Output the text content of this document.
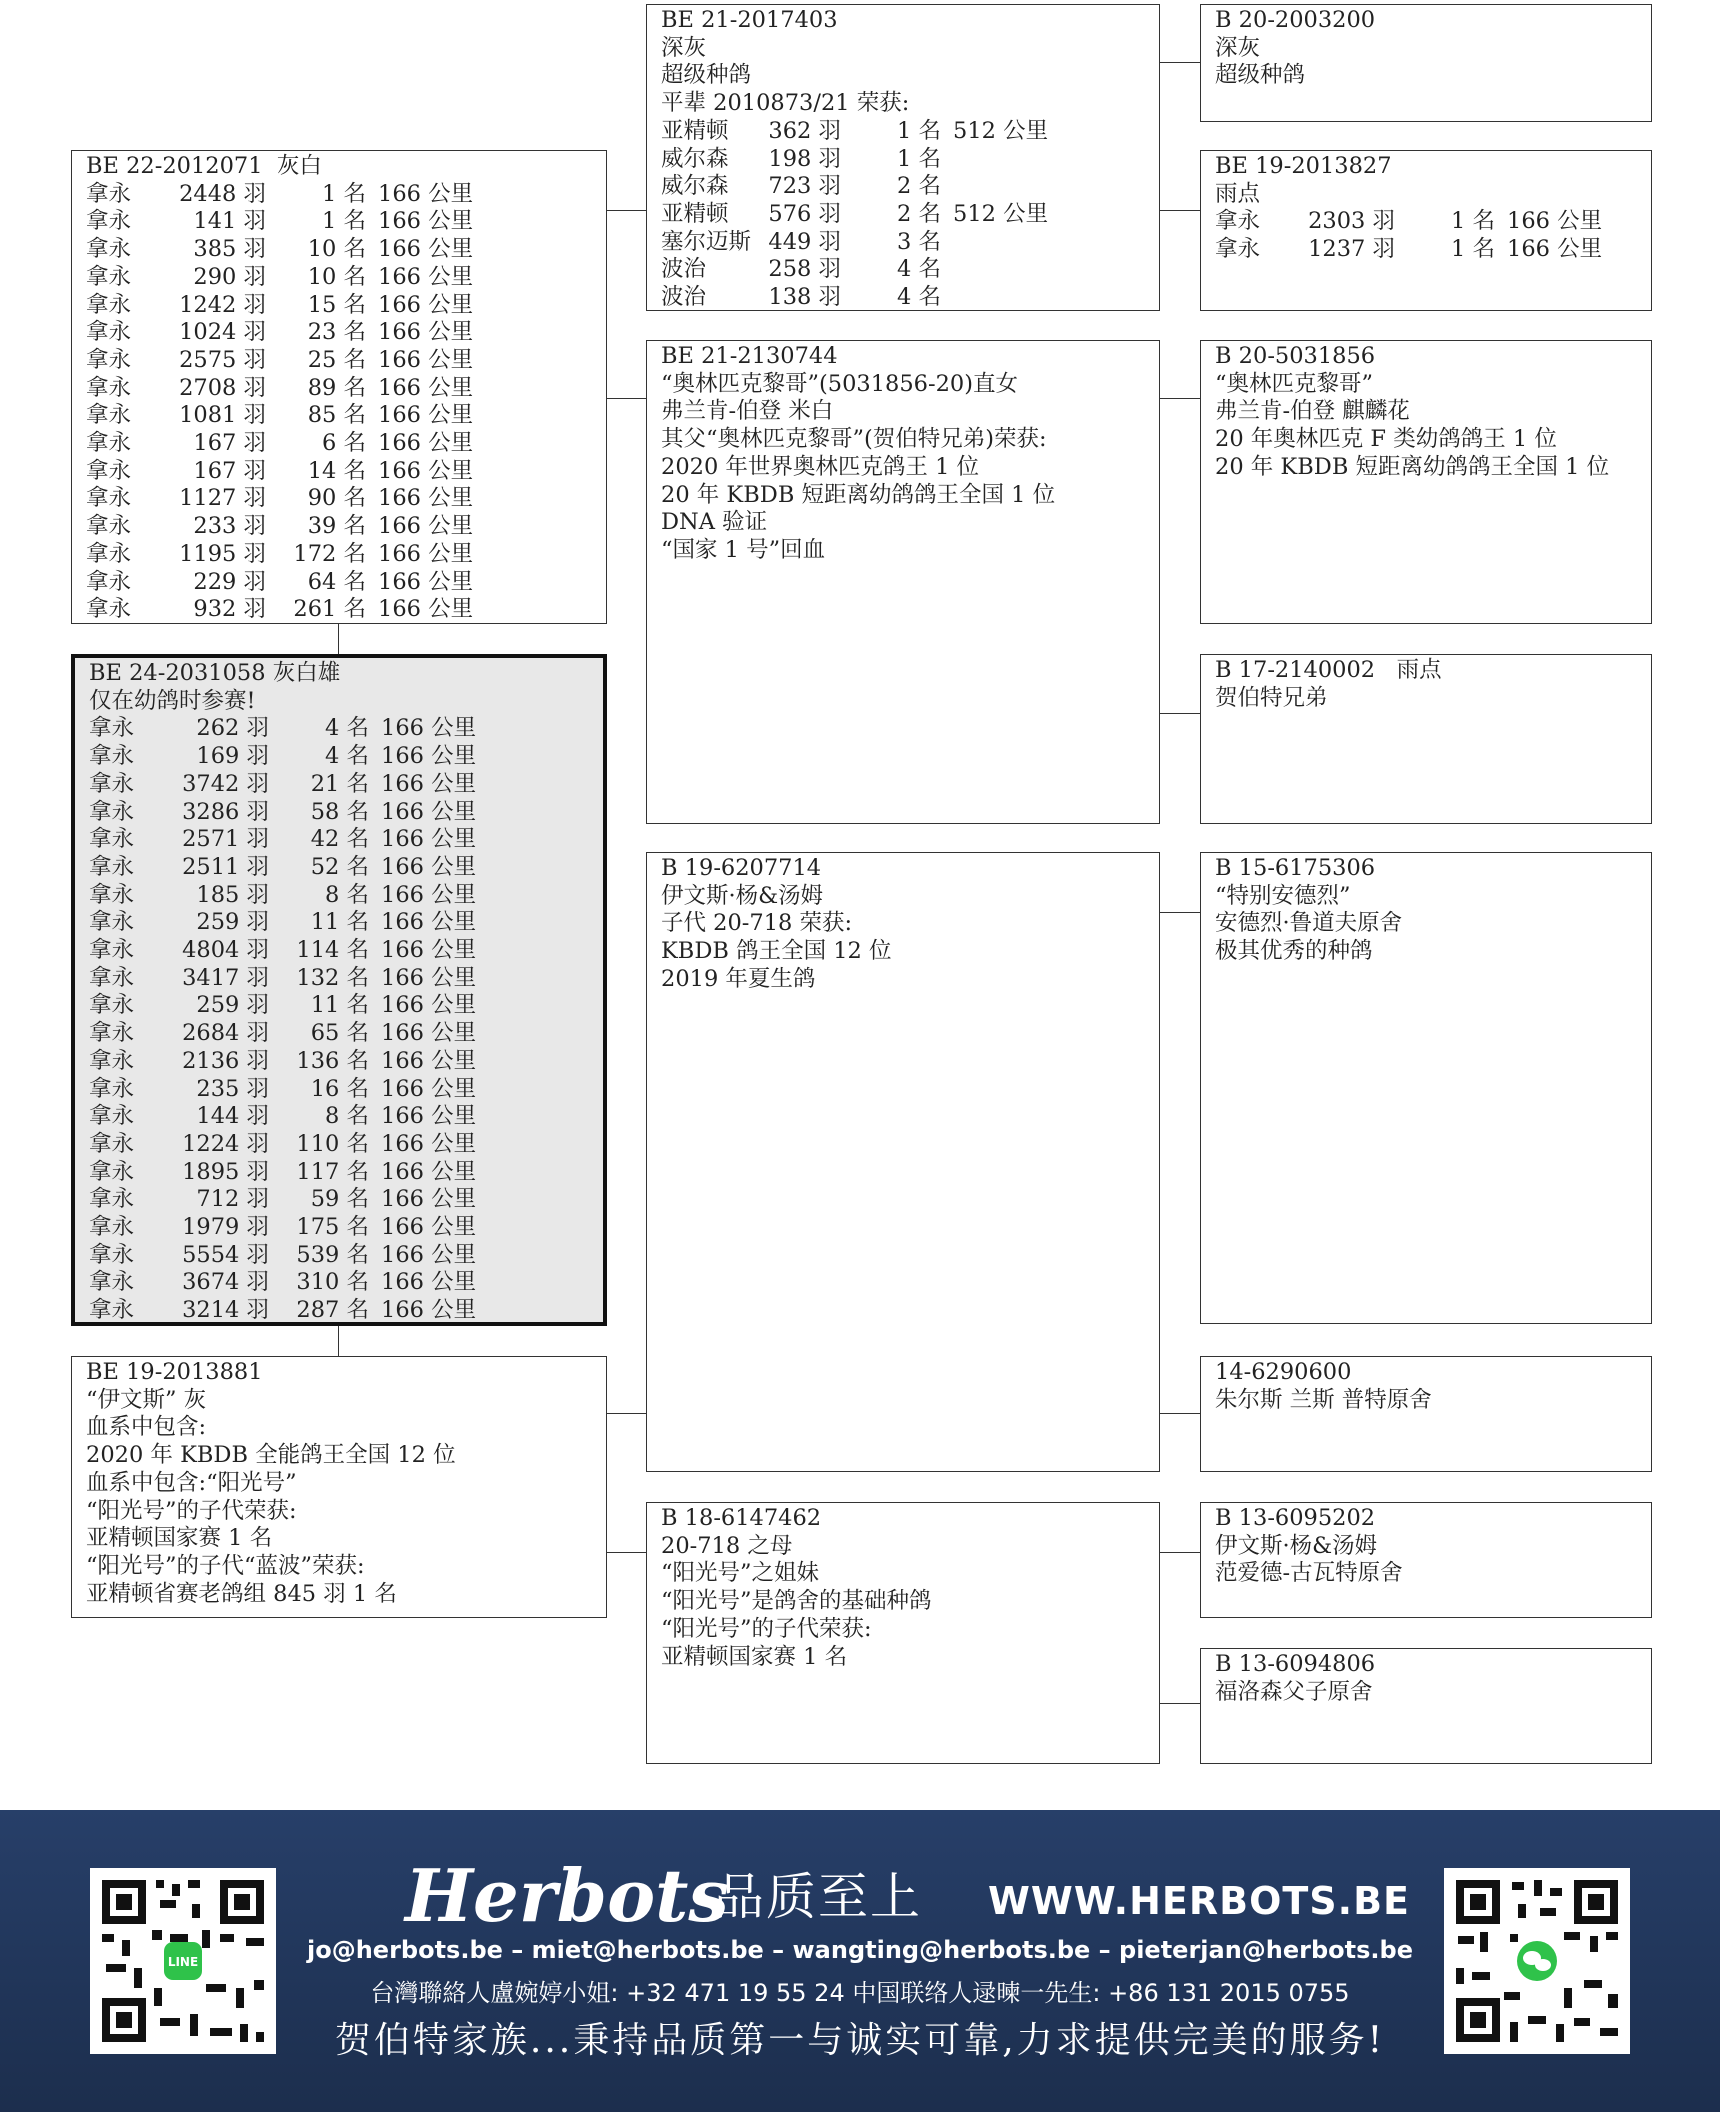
BE 24-2031058 灰白雄
仅在幼鸽时参赛!
拿永	262 羽 4 名 166 公里
拿永	169 羽 4 名 166 公里
拿永 3742 羽 21 名 166 公里
拿永 3286 羽 58 名 166 公里
拿永 2571 羽 42 名 166 公里
拿永 2511 羽 52 名 166 公里
拿永	185 羽 8 名 166 公里
拿永	259 羽 11 名 166 公里
拿永 4804 羽 114 名 166 公里
拿永 3417 羽 132 名 166 公里
拿永	259 羽 11 名 166 公里
拿永 2684 羽 65 名 166 公里
拿永 2136 羽 136 名 166 公里
拿永	235 羽 16 名 166 公里
拿永	144 羽 8 名 166 公里
拿永 1224 羽 110 名 166 公里
拿永 1895 羽 117 名 166 公里
拿永	712 羽 59 名 166 公里
拿永 1979 羽 175 名 166 公里
拿永 5554 羽 539 名 166 公里
拿永 3674 羽 310 名 166 公里
拿永 3214 羽 287 名 166 公里
BE 22-2012071  灰白
拿永 2448 羽 1 名 166 公里
拿永	141 羽 1 名 166 公里
拿永	385 羽 10 名 166 公里
拿永	290 羽 10 名 166 公里
拿永 1242 羽 15 名 166 公里
拿永 1024 羽 23 名 166 公里
拿永 2575 羽 25 名 166 公里
拿永 2708 羽 89 名 166 公里
拿永 1081 羽 85 名 166 公里
拿永	167 羽 6 名 166 公里
拿永	167 羽 14 名 166 公里
拿永 1127 羽 90 名 166 公里
拿永	233 羽 39 名 166 公里
拿永 1195 羽 172 名 166 公里
拿永	229 羽 64 名 166 公里
拿永	932 羽 261 名 166 公里
BE 19-2013881
“伊文斯” 灰
血系中包含:
2020 年 KBDB 全能鸽王全国 12 位
血系中包含:“阳光号”
“阳光号”的子代荣获:
亚精顿国家赛 1 名
“阳光号”的子代“蓝波”荣获:
亚精顿省赛老鸽组 845 羽 1 名
BE 21-2017403
深灰
超级种鸽
平辈 2010873/21 荣获:
亚精顿 362 羽 1 名 512 公里
威尔森 198 羽 1 名
威尔森 723 羽 2 名
亚精顿 576 羽 2 名 512 公里
塞尔迈斯 449 羽 3 名
波治	258 羽 4 名
波治	138 羽 4 名
BE 21-2130744
“奥林匹克黎哥”(5031856-20)直女
弗兰肯-伯登 米白
其父“奥林匹克黎哥”(贺伯特兄弟)荣获:
2020 年世界奥林匹克鸽王 1 位
20 年 KBDB 短距离幼鸽鸽王全国 1 位
DNA 验证
“国家 1 号”回血
B 19-6207714
伊文斯·杨&汤姆
子代 20-718 荣获:
KBDB 鸽王全国 12 位
2019 年夏生鸽
B 18-6147462
20-718 之母
“阳光号”之姐妹
“阳光号”是鸽舍的基础种鸽
“阳光号”的子代荣获:
亚精顿国家赛 1 名
B 20-2003200
深灰
超级种鸽
BE 19-2013827
雨点
拿永 2303 羽 1 名 166 公里
拿永 1237 羽 1 名 166 公里
B 20-5031856
“奥林匹克黎哥”
弗兰肯-伯登 麒麟花
20 年奥林匹克 F 类幼鸽鸽王 1 位
20 年 KBDB 短距离幼鸽鸽王全国 1 位
B 17-2140002   雨点
贺伯特兄弟
B 15-6175306
“特别安德烈”
安德烈·鲁道夫原舍
极其优秀的种鸽
14-6290600
朱尔斯 兰斯 普特原舍
B 13-6095202
伊文斯·杨&汤姆
范爱德-古瓦特原舍
B 13-6094806
福洛森父子原舍
LINE
Herbots
品质至上 WWW.HERBOTS.BE
jo@herbots.be – miet@herbots.be – wangting@herbots.be – pieterjan@herbots.be
台灣聯絡人盧婉婷小姐: +32 471 19 55 24 中国联络人逯暕一先生: +86 131 2015 0755
贺伯特家族...秉持品质第一与诚实可靠,力求提供完美的服务!
